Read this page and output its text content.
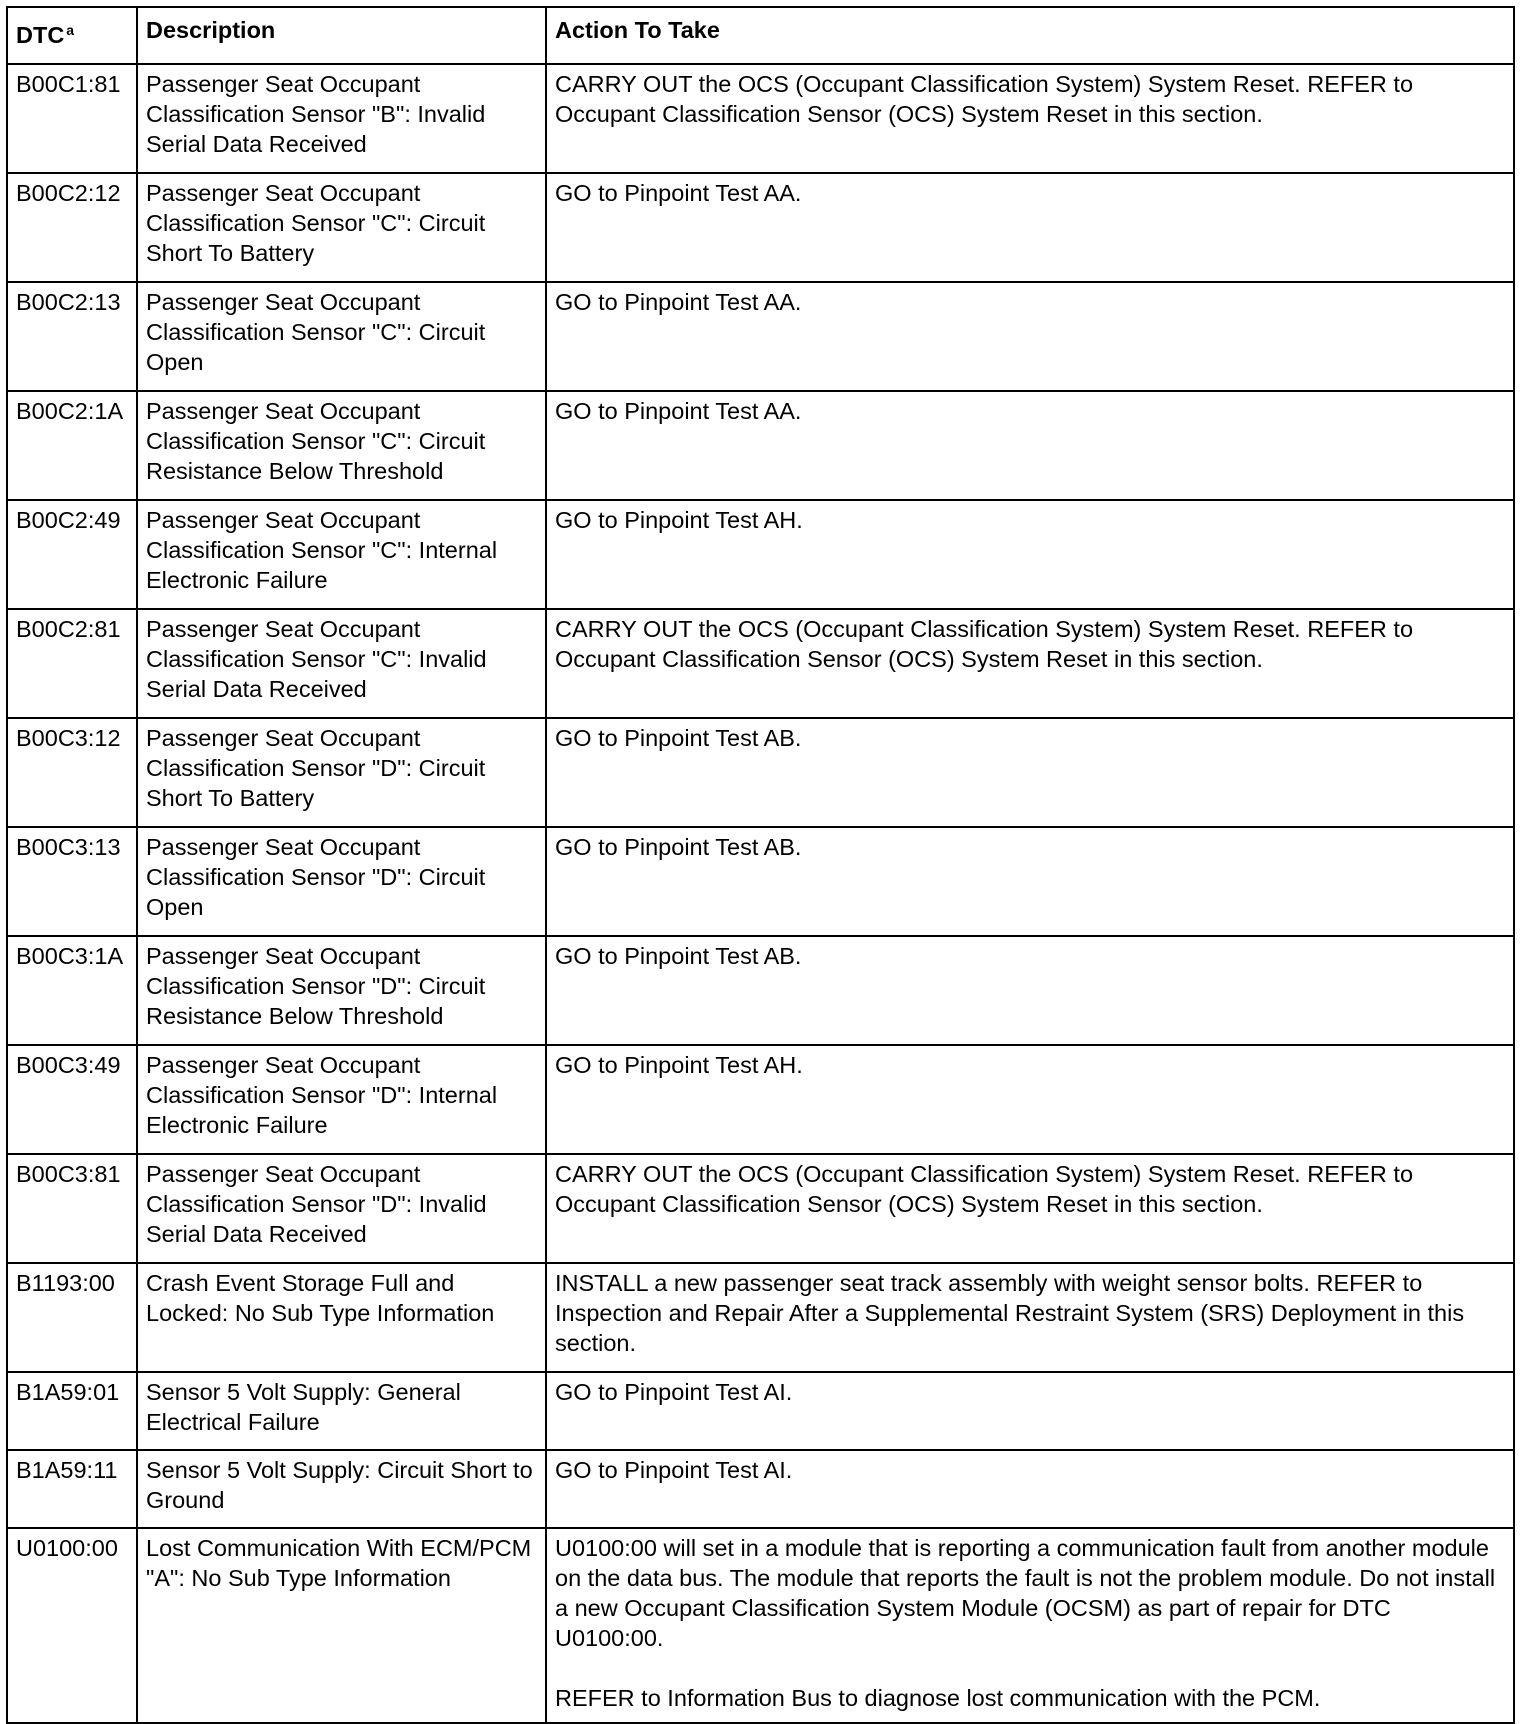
DTC $^a$	Description	Action To Take
B00C1:81	Passenger Seat Occupant Classification Sensor "B": Invalid Serial Data Received	CARRY OUT the OCS (Occupant Classification System) System Reset. REFER to Occupant Classification Sensor (OCS) System Reset in this section.

B00C2:12	Passenger Seat Occupant Classification Sensor "C": Circuit Short To Battery	GO to Pinpoint Test AA.

B00C2:13	Passenger Seat Occupant Classification Sensor "C": Circuit Open	GO to Pinpoint Test AA.

B00C2:1A	Passenger Seat Occupant Classification Sensor "C": Circuit Resistance Below Threshold	GO to Pinpoint Test AA.

B00C2:49	Passenger Seat Occupant Classification Sensor "C": Internal Electronic Failure	GO to Pinpoint Test AH.

B00C2:81	Passenger Seat Occupant Classification Sensor "C": Invalid Serial Data Received	CARRY OUT the OCS (Occupant Classification System) System Reset. REFER to Occupant Classification Sensor (OCS) System Reset in this section.

B00C3:12	Passenger Seat Occupant Classification Sensor "D": Circuit Short To Battery	GO to Pinpoint Test AB.

B00C3:13	Passenger Seat Occupant Classification Sensor "D": Circuit Open	GO to Pinpoint Test AB.

B00C3:1A	Passenger Seat Occupant Classification Sensor "D": Circuit Resistance Below Threshold	GO to Pinpoint Test AB.

B00C3:49	Passenger Seat Occupant Classification Sensor "D": Internal Electronic Failure	GO to Pinpoint Test AH.

B00C3:81	Passenger Seat Occupant Classification Sensor "D": Invalid Serial Data Received	CARRY OUT the OCS (Occupant Classification System) System Reset. REFER to Occupant Classification Sensor (OCS) System Reset in this section.

B1193:00	Crash Event Storage Full and Locked: No Sub Type Information	INSTALL a new passenger seat track assembly with weight sensor bolts. REFER to Inspection and Repair After a Supplemental Restraint System (SRS) Deployment in this section.

B1A59:01	Sensor 5 Volt Supply: General Electrical Failure	GO to Pinpoint Test AI.

B1A59:11	Sensor 5 Volt Supply: Circuit Short to Ground	GO to Pinpoint Test AI.

U0100:00	Lost Communication With ECM/PCM "A": No Sub Type Information	U0100:00 will set in a module that is reporting a communication fault from another module on the data bus. The module that reports the fault is not the problem module. Do not install a new Occupant Classification System Module (OCSM) as part of repair for DTC U0100:00.
REFER to Information Bus to diagnose lost communication with the PCM.
